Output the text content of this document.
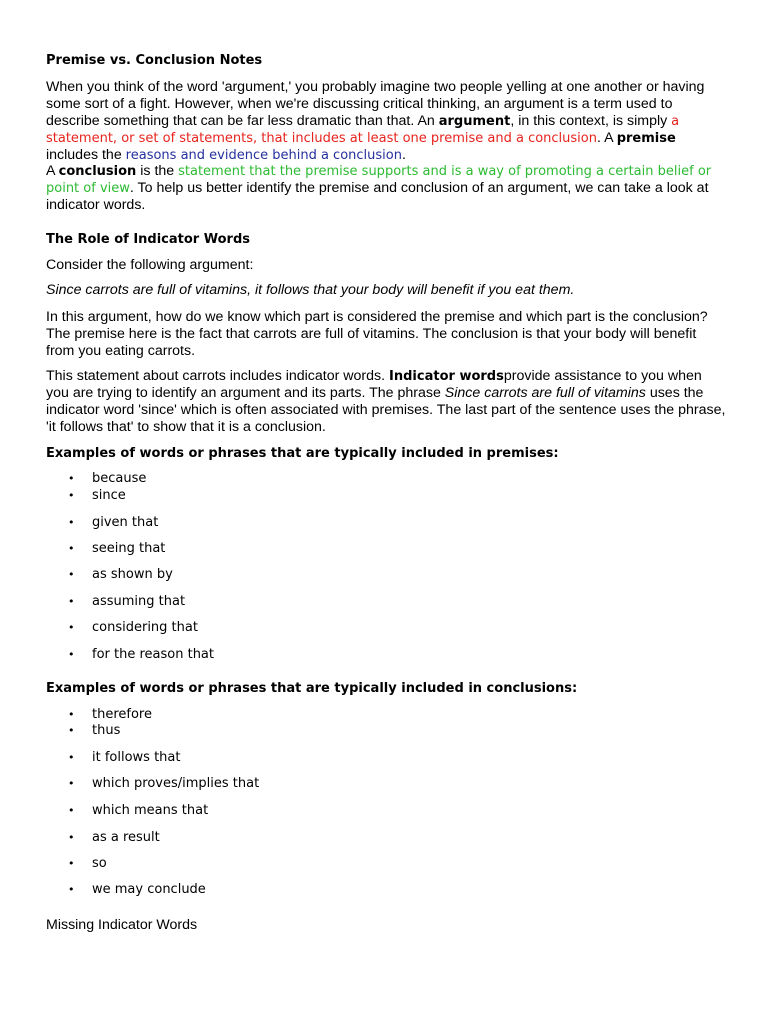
Premise vs. Conclusion Notes

When you think of the word 'argument,' you probably imagine two people yelling at one another or having some sort of a fight. However, when we're discussing critical thinking, an argument is a term used to describe something that can be far less dramatic than that. An argument, in this context, is simply a statement, or set of statements, that includes at least one premise and a conclusion. A premise includes the reasons and evidence behind a conclusion.

A conclusion is the statement that the premise supports and is a way of promoting a certain belief or point of view. To help us better identify the premise and conclusion of an argument, we can take a look at indicator words.

The Role of Indicator Words

Consider the following argument:

Since carrots are full of vitamins, it follows that your body will benefit if you eat them.

In this argument, how do we know which part is considered the premise and which part is the conclusion? The premise here is the fact that carrots are full of vitamins. The conclusion is that your body will benefit from you eating carrots.

This statement about carrots includes indicator words. Indicator wordsprovide assistance to you when you are trying to identify an argument and its parts. The phrase Since carrots are full of vitamins uses the indicator word 'since' which is often associated with premises. The last part of the sentence uses the phrase, 'it follows that' to show that it is a conclusion.

Examples of words or phrases that are typically included in premises:
• because
• since
• given that
• seeing that
• as shown by
• assuming that
• considering that
• for the reason that
Examples of words or phrases that are typically included in conclusions:
• therefore
• thus
• it follows that
• which proves/implies that
• which means that
• as a result
• so
• we may conclude

Missing Indicator Words
